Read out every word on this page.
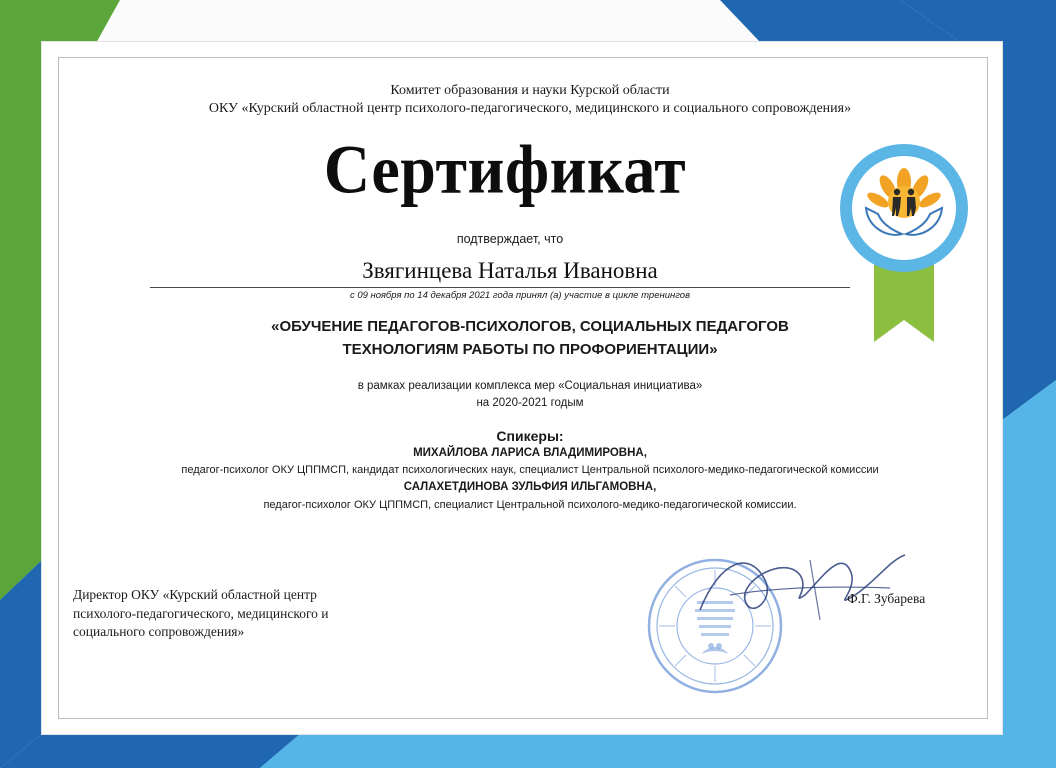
Комитет образования и науки Курской области
ОКУ «Курский областной центр психолого-педагогического, медицинского и социального сопровождения»
Сертификат
подтверждает, что
Звягинцева Наталья Ивановна
с 09 ноября по 14 декабря 2021 года принял (а) участие в цикле тренингов
«ОБУЧЕНИЕ ПЕДАГОГОВ-ПСИХОЛОГОВ, СОЦИАЛЬНЫХ ПЕДАГОГОВ
ТЕХНОЛОГИЯМ РАБОТЫ ПО ПРОФОРИЕНТАЦИИ»
в рамках реализации комплекса мер «Социальная инициатива»
на 2020-2021 годым
Спикеры:
МИХАЙЛОВА ЛАРИСА ВЛАДИМИРОВНА,
педагог-психолог ОКУ ЦППМСП, кандидат психологических наук, специалист Центральной психолого-медико-педагогической комиссии
САЛАХЕТДИНОВА ЗУЛЬФИЯ ИЛЬГАМОВНА,
педагог-психолог ОКУ ЦППМСП, специалист Центральной психолого-медико-педагогической комиссии.
Директор ОКУ «Курский областной центр
психолого-педагогического, медицинского и
социального сопровождения»
Ф.Г. Зубарева
